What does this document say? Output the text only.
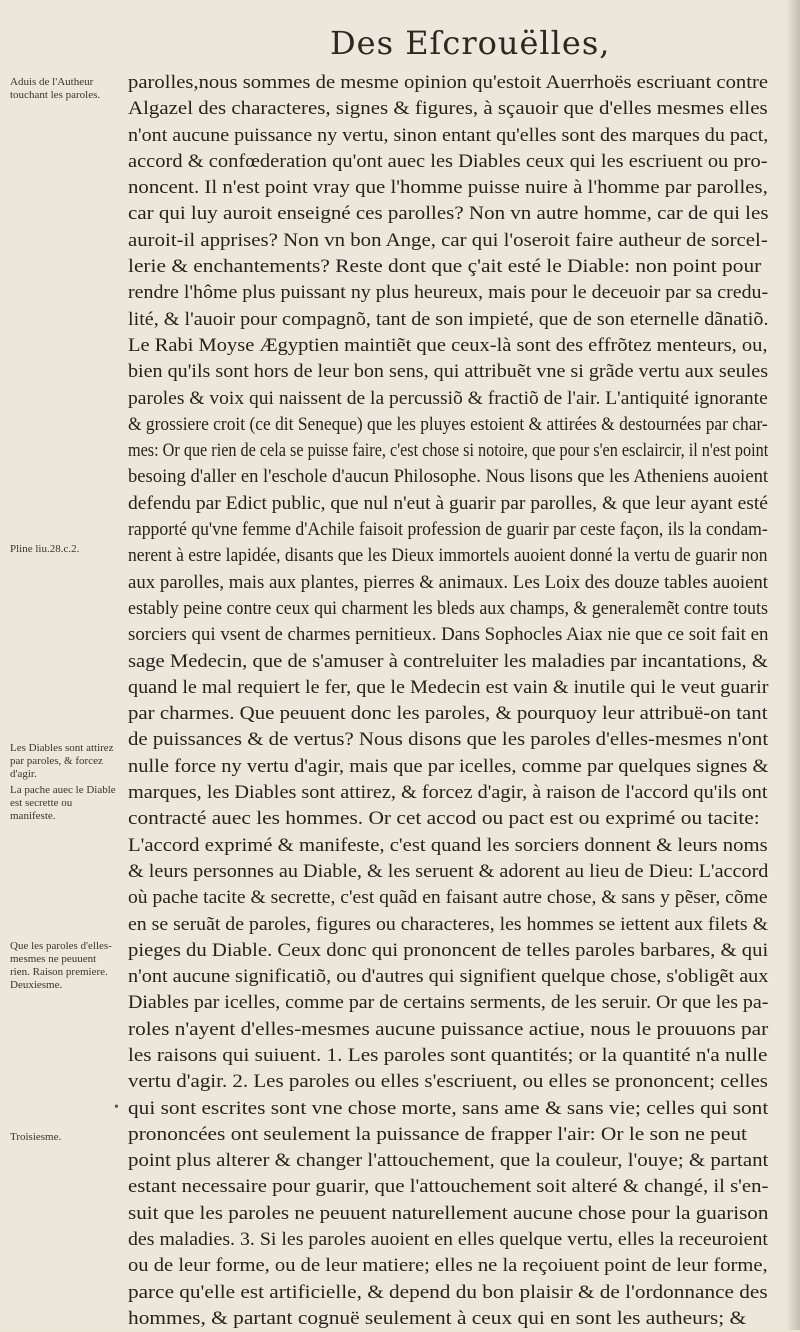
Des Eſcrouëlles,
Aduis de l'Autheur touchant les paroles.
Pline liu.28.c.2.
Les Diables sont attirez par paroles, & forcez d'agir.
La pache auec le Diable est secrette ou manifeste.
Que les paroles d'elles-mesmes ne peuuent rien. Raison premiere. Deuxiesme.
Troisiesme.
•
parolles,nous sommes de mesme opinion qu'estoit Auerrhoës escriuant contre
Algazel des characteres, signes & figures, à sçauoir que d'elles mesmes elles
n'ont aucune puissance ny vertu, sinon entant qu'elles sont des marques du pact,
accord & confœderation qu'ont auec les Diables ceux qui les escriuent ou pro-
noncent. Il n'est point vray que l'homme puisse nuire à l'homme par parolles,
car qui luy auroit enseigné ces parolles? Non vn autre homme, car de qui les
auroit-il apprises? Non vn bon Ange, car qui l'oseroit faire autheur de sorcel-
lerie & enchantements? Reste dont que ç'ait esté le Diable: non point pour
rendre l'hôme plus puissant ny plus heureux, mais pour le deceuoir par sa credu-
lité, & l'auoir pour compagnõ, tant de son impieté, que de son eternelle dãnatiõ.
Le Rabi Moyse Ægyptien maintiẽt que ceux-là sont des effrõtez menteurs, ou,
bien qu'ils sont hors de leur bon sens, qui attribuẽt vne si grãde vertu aux seules
paroles & voix qui naissent de la percussiõ & fractiõ de l'air. L'antiquité ignorante
& grossiere croit (ce dit Seneque) que les pluyes estoient & attirées & destournées par char-
mes: Or que rien de cela se puisse faire, c'est chose si notoire, que pour s'en esclaircir, il n'est point
besoing d'aller en l'eschole d'aucun Philosophe. Nous lisons que les Atheniens auoient
defendu par Edict public, que nul n'eut à guarir par parolles, & que leur ayant esté
rapporté qu'vne femme d'Achile faisoit profession de guarir par ceste façon, ils la condam-
nerent à estre lapidée, disants que les Dieux immortels auoient donné la vertu de guarir non
aux parolles, mais aux plantes, pierres & animaux. Les Loix des douze tables auoient
estably peine contre ceux qui charment les bleds aux champs, & generalemẽt contre touts
sorciers qui vsent de charmes pernitieux. Dans Sophocles Aiax nie que ce soit fait en
sage Medecin, que de s'amuser à contreluiter les maladies par incantations, &
quand le mal requiert le fer, que le Medecin est vain & inutile qui le veut guarir
par charmes. Que peuuent donc les paroles, & pourquoy leur attribuë-on tant
de puissances & de vertus? Nous disons que les paroles d'elles-mesmes n'ont
nulle force ny vertu d'agir, mais que par icelles, comme par quelques signes &
marques, les Diables sont attirez, & forcez d'agir, à raison de l'accord qu'ils ont
contracté auec les hommes. Or cet accod ou pact est ou exprimé ou tacite:
L'accord exprimé & manifeste, c'est quand les sorciers donnent & leurs noms
& leurs personnes au Diable, & les seruent & adorent au lieu de Dieu: L'accord
où pache tacite & secrette, c'est quãd en faisant autre chose, & sans y pẽser, cõme
en se seruãt de paroles, figures ou characteres, les hommes se iettent aux filets &
pieges du Diable. Ceux donc qui prononcent de telles paroles barbares, & qui
n'ont aucune significatiõ, ou d'autres qui signifient quelque chose, s'obligẽt aux
Diables par icelles, comme par de certains serments, de les seruir. Or que les pa-
roles n'ayent d'elles-mesmes aucune puissance actiue, nous le prouuons par
les raisons qui suiuent. 1. Les paroles sont quantités; or la quantité n'a nulle
vertu d'agir. 2. Les paroles ou elles s'escriuent, ou elles se prononcent; celles
qui sont escrites sont vne chose morte, sans ame & sans vie; celles qui sont
prononcées ont seulement la puissance de frapper l'air: Or le son ne peut
point plus alterer & changer l'attouchement, que la couleur, l'ouye; & partant
estant necessaire pour guarir, que l'attouchement soit alteré & changé, il s'en-
suit que les paroles ne peuuent naturellement aucune chose pour la guarison
des maladies. 3. Si les paroles auoient en elles quelque vertu, elles la receuroient
ou de leur forme, ou de leur matiere; elles ne la reçoiuent point de leur forme,
parce qu'elle est artificielle, & depend du bon plaisir & de l'ordonnance des
hommes, & partant cognuë seulement à ceux qui en sont les autheurs; &
